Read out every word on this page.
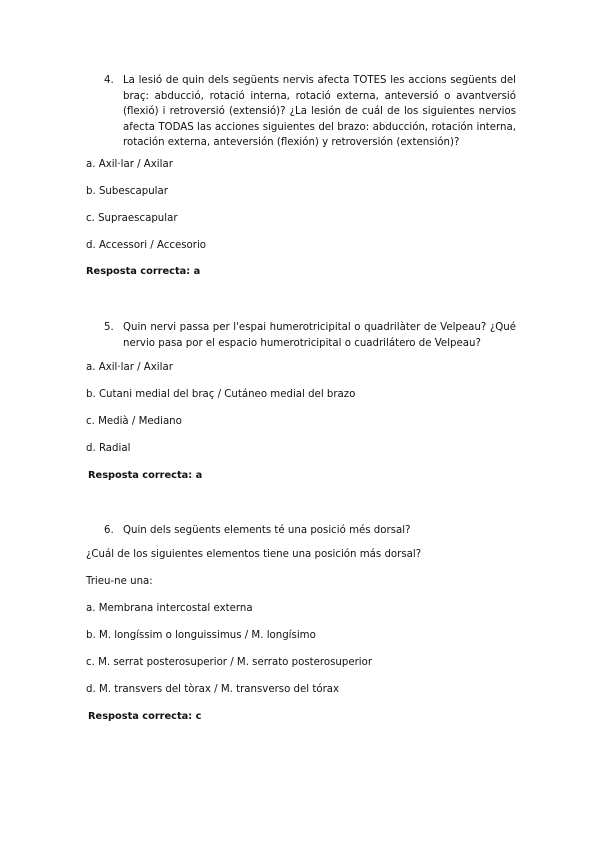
4. La lesió de quin dels següents nervis afecta TOTES les accions següents del braç: abducció, rotació interna, rotació externa, anteversió o avantversió (flexió) i retroversió (extensió)? ¿La lesión de cuál de los siguientes nervios afecta TODAS las acciones siguientes del brazo: abducción, rotación interna, rotación externa, anteversión (flexión) y retroversión (extensión)?
a. Axil·lar / Axilar
b. Subescapular
c. Supraescapular
d. Accessori / Accesorio
Resposta correcta: a
5. Quin nervi passa per l'espai humerotricipital o quadrilàter de Velpeau? ¿Qué nervio pasa por el espacio humerotricipital o cuadrilátero de Velpeau?
a. Axil·lar / Axilar
b. Cutani medial del braç / Cutáneo medial del brazo
c. Medià / Mediano
d. Radial
Resposta correcta: a
6. Quin dels següents elements té una posició més dorsal?
¿Cuál de los siguientes elementos tiene una posición más dorsal?
Trieu-ne una:
a. Membrana intercostal externa
b. M. longíssim o longuissimus / M. longísimo
c. M. serrat posterosuperior / M. serrato posterosuperior
d. M. transvers del tòrax / M. transverso del tórax
Resposta correcta: c
